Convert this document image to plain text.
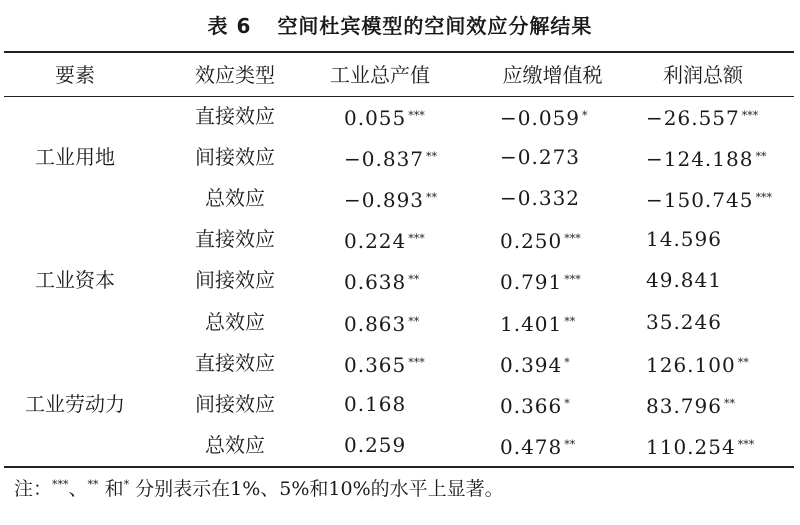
表 6 空间杜宾模型的空间效应分解结果
要素	效应类型	工业总产值	应缴增值税	利润总额
工业用地
直接效应	0.055 ***	−0.059 *	−26.557 ***
间接效应	−0.837 **	−0.273	−124.188 **
总效应	−0.893 **	−0.332	−150.745 ***
工业资本
直接效应	0.224 ***	0.250 ***	14.596
间接效应	0.638 **	0.791 ***	49.841
总效应	0.863 **	1.401 **	35.246
工业劳动力
直接效应	0.365 ***	0.394 *	126.100 **
间接效应	0.168	0.366 *	83.796 **
总效应	0.259	0.478 **	110.254 ***
注：***、** 和* 分别表示在1%、5%和10%的水平上显著。
